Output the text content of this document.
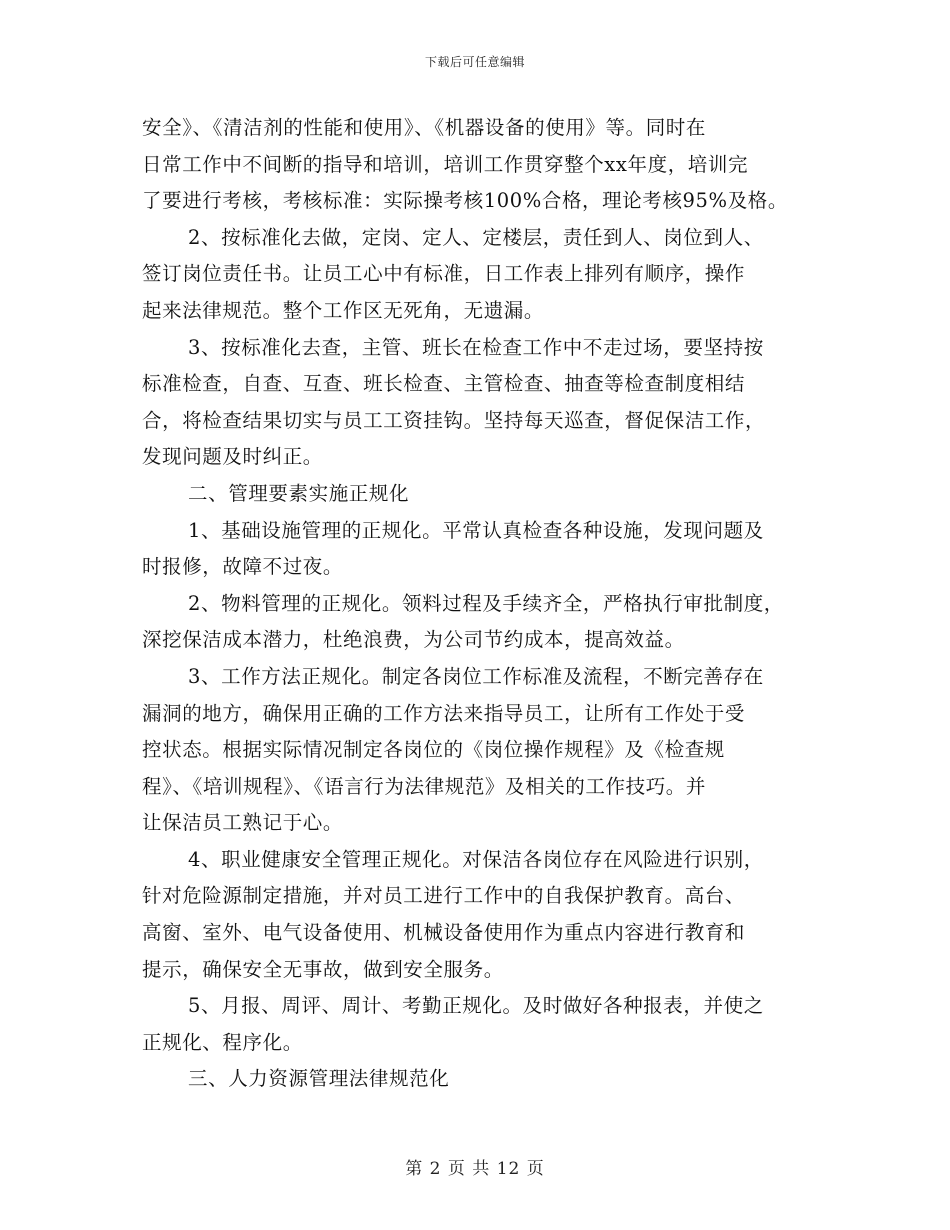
下载后可任意编辑
安全》、《清洁剂的性能和使用》、《机器设备的使用》等。同时在
日常工作中不间断的指导和培训，培训工作贯穿整个xx年度，培训完
了要进行考核，考核标准：实际操考核100%合格，理论考核95%及格。
2、按标准化去做，定岗、定人、定楼层，责任到人、岗位到人、
签订岗位责任书。让员工心中有标准，日工作表上排列有顺序，操作
起来法律规范。整个工作区无死角，无遗漏。
3、按标准化去查，主管、班长在检查工作中不走过场，要坚持按
标准检查，自查、互查、班长检查、主管检查、抽查等检查制度相结
合，将检查结果切实与员工工资挂钩。坚持每天巡查，督促保洁工作，
发现问题及时纠正。
二、管理要素实施正规化
1、基础设施管理的正规化。平常认真检查各种设施，发现问题及
时报修，故障不过夜。
2、物料管理的正规化。领料过程及手续齐全，严格执行审批制度，
深挖保洁成本潜力，杜绝浪费，为公司节约成本，提高效益。
3、工作方法正规化。制定各岗位工作标准及流程，不断完善存在
漏洞的地方，确保用正确的工作方法来指导员工，让所有工作处于受
控状态。根据实际情况制定各岗位的《岗位操作规程》及《检查规
程》、《培训规程》、《语言行为法律规范》及相关的工作技巧。并
让保洁员工熟记于心。
4、职业健康安全管理正规化。对保洁各岗位存在风险进行识别，
针对危险源制定措施，并对员工进行工作中的自我保护教育。高台、
高窗、室外、电气设备使用、机械设备使用作为重点内容进行教育和
提示，确保安全无事故，做到安全服务。
5、月报、周评、周计、考勤正规化。及时做好各种报表，并使之
正规化、程序化。
三、人力资源管理法律规范化
第 2 页 共 12 页
